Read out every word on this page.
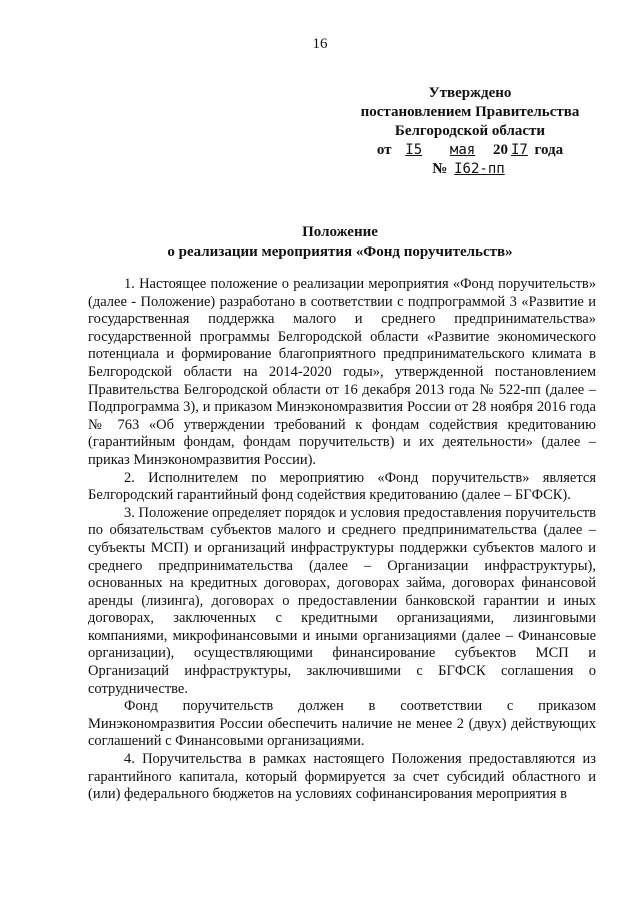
16
Утверждено
постановлением Правительства
Белгородской области
от I5 мая 20 I7 года
№ I62-пп
Положение
о реализации мероприятия «Фонд поручительств»

1. Настоящее положение о реализации мероприятия «Фонд поручительств» (далее - Положение) разработано в соответствии с подпрограммой 3 «Развитие и государственная поддержка малого и среднего предпринимательства» государственной программы Белгородской области «Развитие экономического потенциала и формирование благоприятного предпринимательского климата в Белгородской области на 2014-2020 годы», утвержденной постановлением Правительства Белгородской области от 16 декабря 2013 года № 522-пп (далее – Подпрограмма 3), и приказом Минэкономразвития России от 28 ноября 2016 года № 763 «Об утверждении требований к фондам содействия кредитованию (гарантийным фондам, фондам поручительств) и их деятельности» (далее – приказ Минэкономразвития России).

2. Исполнителем по мероприятию «Фонд поручительств» является Белгородский гарантийный фонд содействия кредитованию (далее – БГФСК).

3. Положение определяет порядок и условия предоставления поручительств по обязательствам субъектов малого и среднего предпринимательства (далее – субъекты МСП) и организаций инфраструктуры поддержки субъектов малого и среднего предпринимательства (далее – Организации инфраструктуры), основанных на кредитных договорах, договорах займа, договорах финансовой аренды (лизинга), договорах о предоставлении банковской гарантии и иных договорах, заключенных с кредитными организациями, лизинговыми компаниями, микрофинансовыми и иными организациями (далее – Финансовые организации), осуществляющими финансирование субъектов МСП и Организаций инфраструктуры, заключившими с БГФСК соглашения о сотрудничестве.

Фонд поручительств должен в соответствии с приказом Минэкономразвития России обеспечить наличие не менее 2 (двух) действующих соглашений с Финансовыми организациями.

4. Поручительства в рамках настоящего Положения предоставляются из гарантийного капитала, который формируется за счет субсидий областного и (или) федерального бюджетов на условиях софинансирования мероприятия в
